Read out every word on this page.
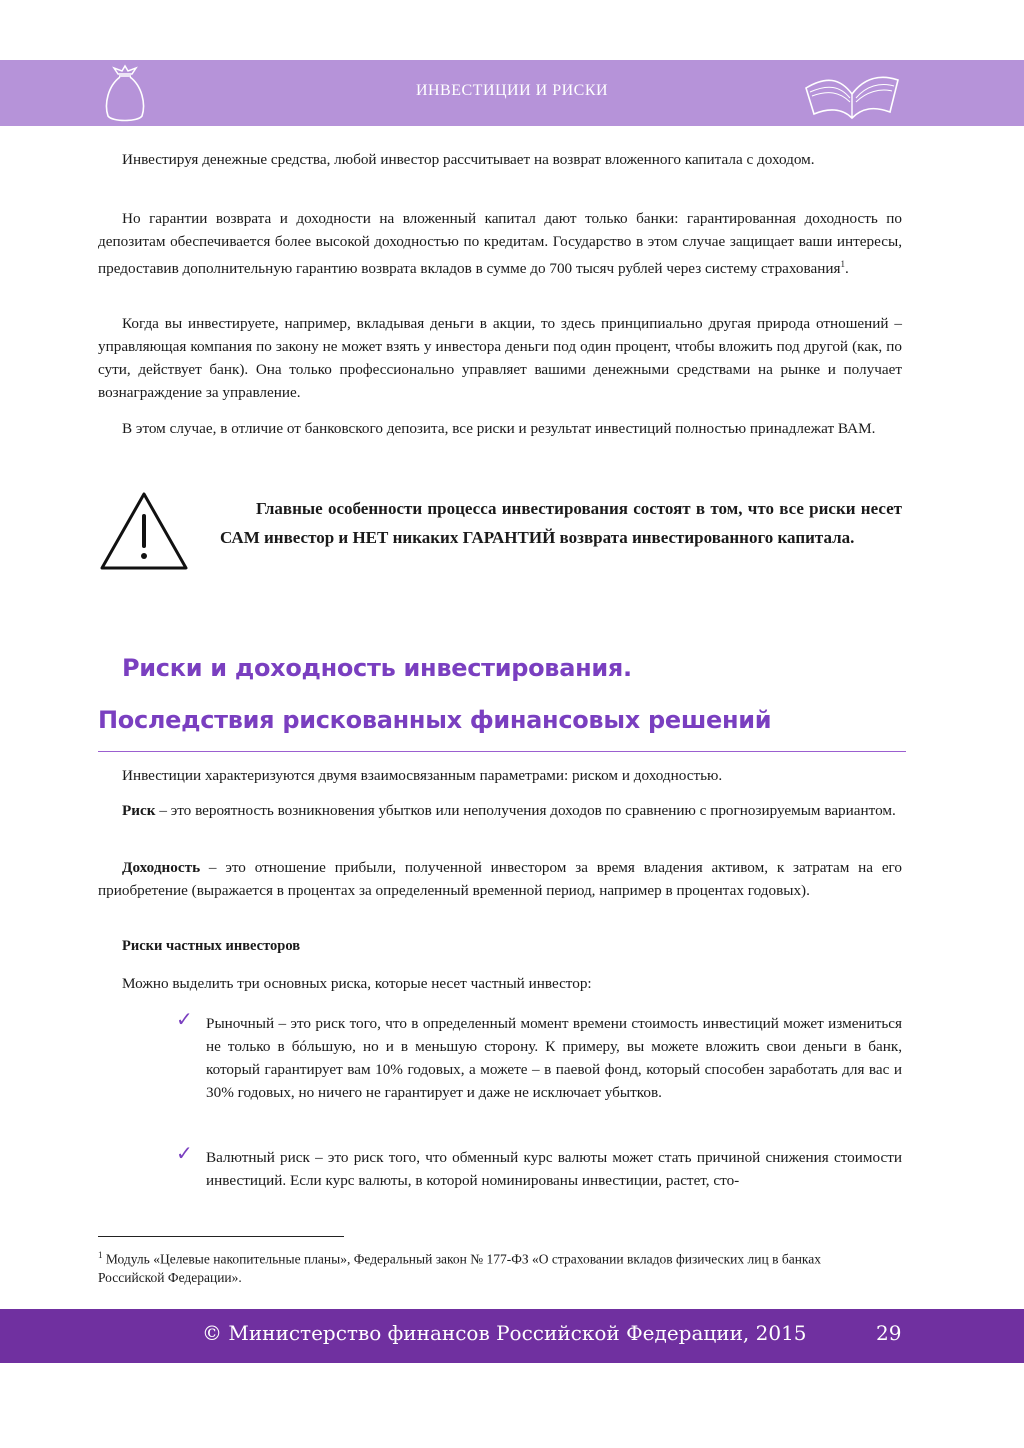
ИНВЕСТИЦИИ И РИСКИ

Инвестируя денежные средства, любой инвестор рассчитывает на возврат вложенного капитала с доходом.

Но гарантии возврата и доходности на вложенный капитал дают только банки: гарантированная доходность по депозитам обеспечивается более высокой доходностью по кредитам. Государство в этом случае защищает ваши интересы, предоставив дополнительную гарантию возврата вкладов в сумме до 700 тысяч рублей через систему страхования$^1$.

Когда вы инвестируете, например, вкладывая деньги в акции, то здесь принципиально другая природа отношений – управляющая компания по закону не может взять у инвестора деньги под один процент, чтобы вложить под другой (как, по сути, действует банк). Она только профессионально управляет вашими денежными средствами на рынке и получает вознаграждение за управление.

В этом случае, в отличие от банковского депозита, все риски и результат инвестиций полностью принадлежат ВАМ.

Главные особенности процесса инвестирования состоят в том, что все риски несет САМ инвестор и НЕТ никаких ГАРАНТИЙ возврата инвестированного капитала.

Риски и доходность инвестирования.
Последствия рискованных финансовых решений

Инвестиции характеризуются двумя взаимосвязанным параметрами: риском и доходностью.

Риск – это вероятность возникновения убытков или неполучения доходов по сравнению с прогнозируемым вариантом.

Доходность – это отношение прибыли, полученной инвестором за время владения активом, к затратам на его приобретение (выражается в процентах за определенный временной период, например в процентах годовых).

Риски частных инвесторов

Можно выделить три основных риска, которые несет частный инвестор:

✓ Рыночный – это риск того, что в определенный момент времени стоимость инвестиций может измениться не только в бóльшую, но и в меньшую сторону. К примеру, вы можете вложить свои деньги в банк, который гарантирует вам 10% годовых, а можете – в паевой фонд, который способен заработать для вас и 30% годовых, но ничего не гарантирует и даже не исключает убытков.

✓ Валютный риск – это риск того, что обменный курс валюты может стать причиной снижения стоимости инвестиций. Если курс валюты, в которой номинированы инвестиции, растет, сто-

$^1$ Модуль «Целевые накопительные планы», Федеральный закон № 177-ФЗ «О страховании вкладов физических лиц в банках Российской Федерации».

© Министерство финансов Российской Федерации, 2015	29
